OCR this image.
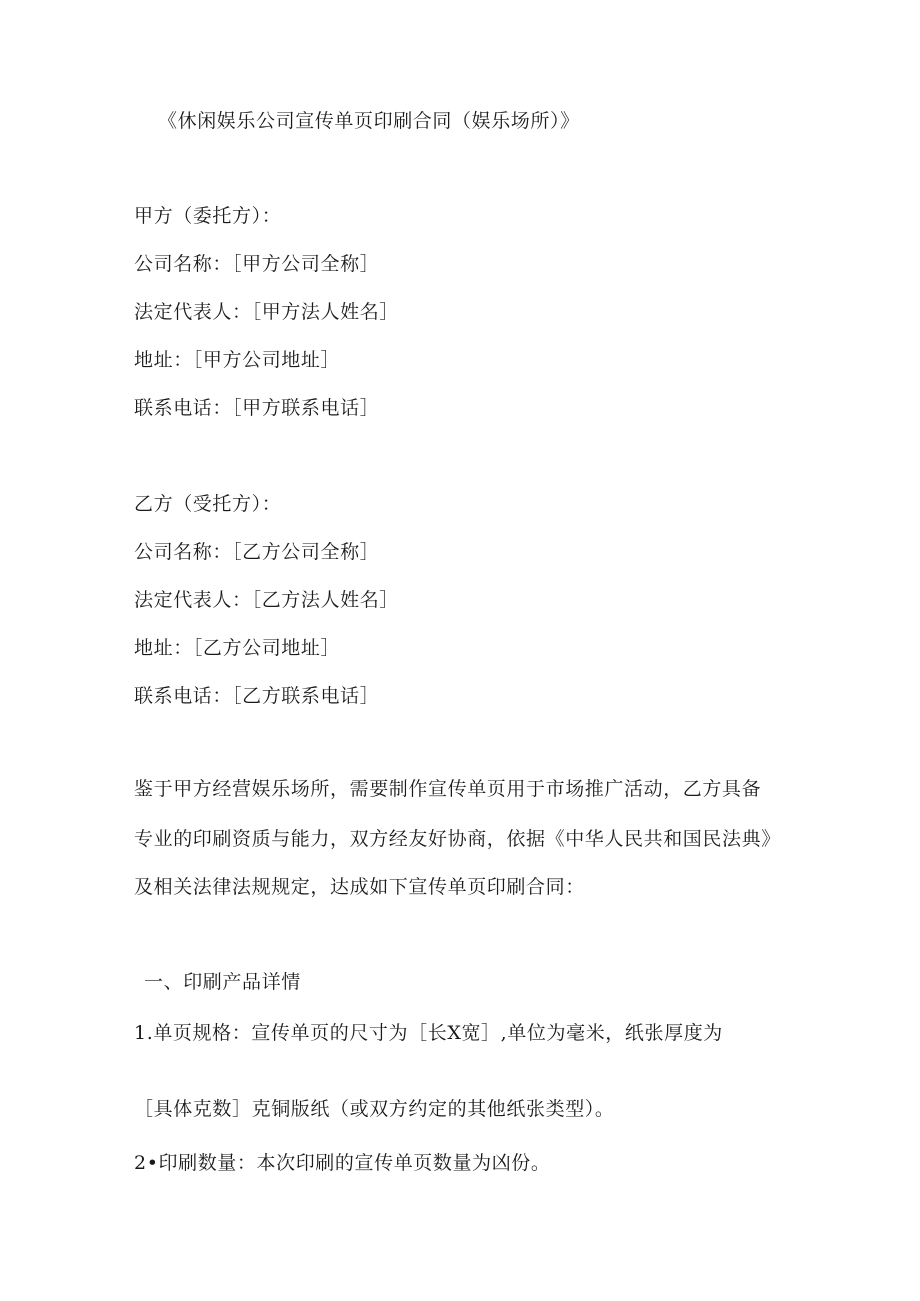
《休闲娱乐公司宣传单页印刷合同（娱乐场所）》
甲方（委托方）：
公司名称：［甲方公司全称］
法定代表人：［甲方法人姓名］
地址：［甲方公司地址］
联系电话：［甲方联系电话］
乙方（受托方）：
公司名称：［乙方公司全称］
法定代表人：［乙方法人姓名］
地址：［乙方公司地址］
联系电话：［乙方联系电话］
鉴于甲方经营娱乐场所，需要制作宣传单页用于市场推广活动，乙方具备
专业的印刷资质与能力，双方经友好协商，依据《中华人民共和国民法典》
及相关法律法规规定，达成如下宣传单页印刷合同：
一、印刷产品详情
1.单页规格：宣传单页的尺寸为［长X宽］,单位为毫米，纸张厚度为
［具体克数］克铜版纸（或双方约定的其他纸张类型）。
2•印刷数量：本次印刷的宣传单页数量为凶份。
